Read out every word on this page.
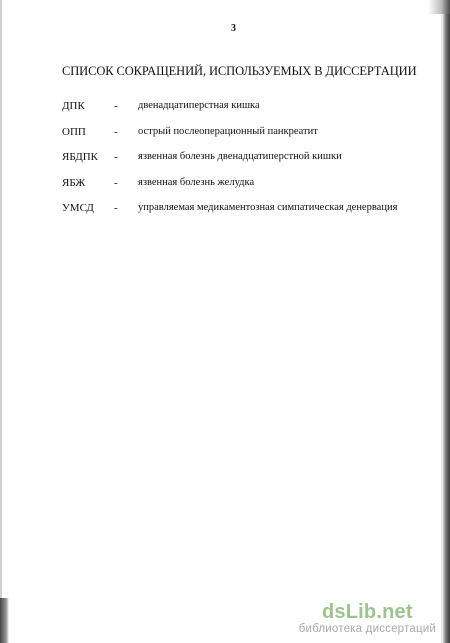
3
СПИСОК СОКРАЩЕНИЙ, ИСПОЛЬЗУЕМЫХ В ДИССЕРТАЦИИ
ДПК	- двенадцатиперстная кишка
ОПП	- острый послеоперационный панкреатит
ЯБДПК - язвенная болезнь двенадцатиперстной кишки
ЯБЖ	- язвенная болезнь желудка
УМСД - управляемая медикаментозная симпатическая денервация
dsLib.net
библиотека диссертаций
